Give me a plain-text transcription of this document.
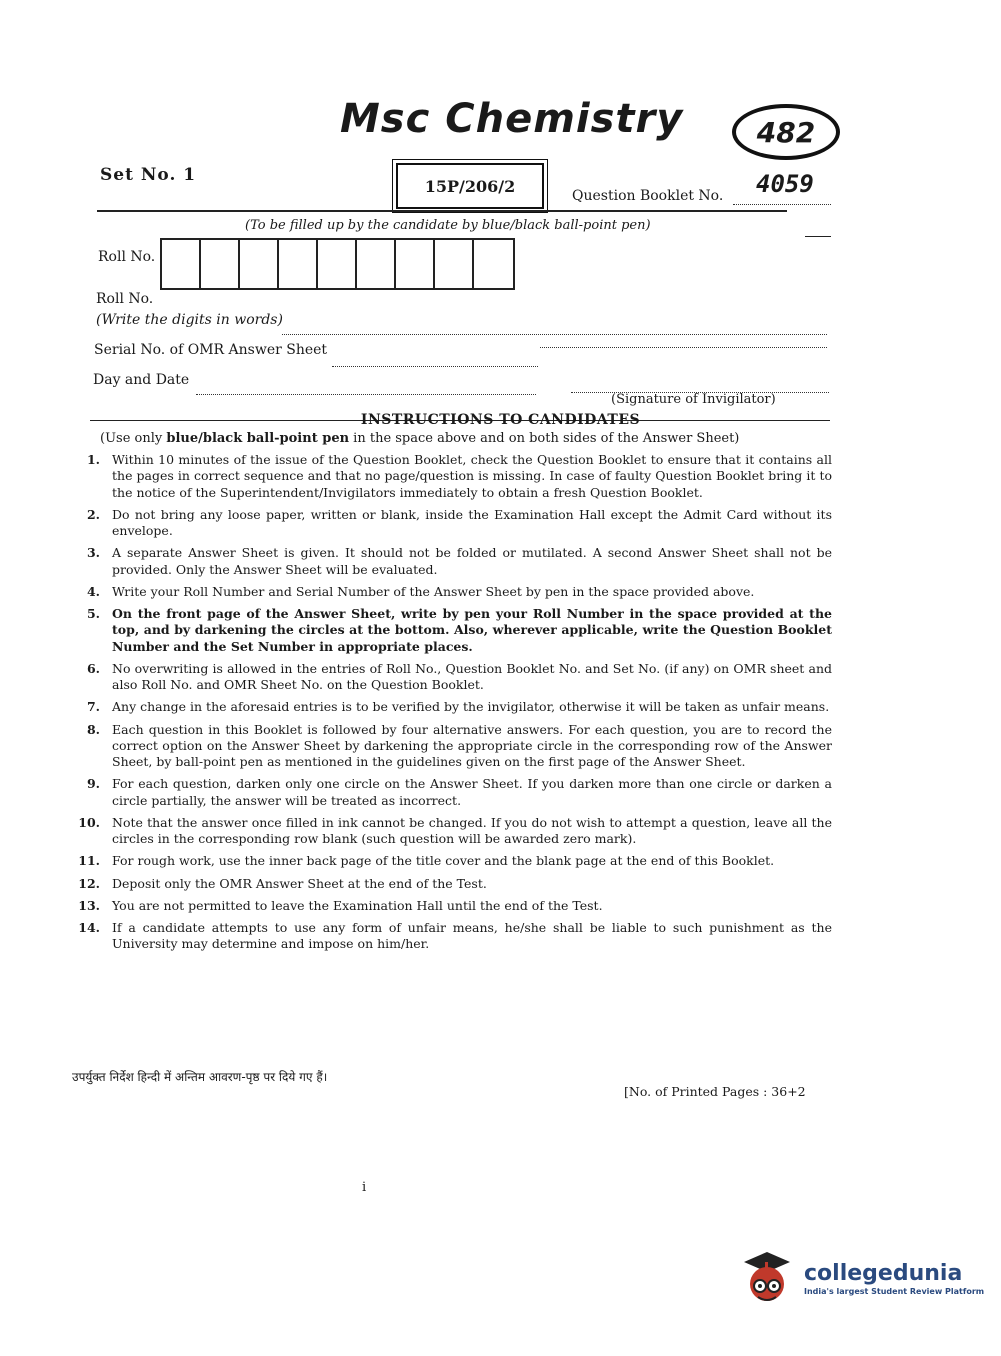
Msc Chemistry	482
Set No. 1
15P/206/2
Question Booklet No. 4059
(To be filled up by the candidate by blue/black ball-point pen)
Roll No.
Roll No.
(Write the digits in words)
Serial No. of OMR Answer Sheet
Day and Date
(Signature of Invigilator)
INSTRUCTIONS TO CANDIDATES
(Use only blue/black ball-point pen in the space above and on both sides of the Answer Sheet)
1. Within 10 minutes of the issue of the Question Booklet, check the Question Booklet to ensure that it contains all the pages in correct sequence and that no page/question is missing. In case of faulty Question Booklet bring it to the notice of the Superintendent/Invigilators immediately to obtain a fresh Question Booklet.
2. Do not bring any loose paper, written or blank, inside the Examination Hall except the Admit Card without its envelope.
3. A separate Answer Sheet is given. It should not be folded or mutilated. A second Answer Sheet shall not be provided. Only the Answer Sheet will be evaluated.
4. Write your Roll Number and Serial Number of the Answer Sheet by pen in the space provided above.
5. On the front page of the Answer Sheet, write by pen your Roll Number in the space provided at the top, and by darkening the circles at the bottom. Also, wherever applicable, write the Question Booklet Number and the Set Number in appropriate places.
6. No overwriting is allowed in the entries of Roll No., Question Booklet No. and Set No. (if any) on OMR sheet and also Roll No. and OMR Sheet No. on the Question Booklet.
7. Any change in the aforesaid entries is to be verified by the invigilator, otherwise it will be taken as unfair means.
8. Each question in this Booklet is followed by four alternative answers. For each question, you are to record the correct option on the Answer Sheet by darkening the appropriate circle in the corresponding row of the Answer Sheet, by ball-point pen as mentioned in the guidelines given on the first page of the Answer Sheet.
9. For each question, darken only one circle on the Answer Sheet. If you darken more than one circle or darken a circle partially, the answer will be treated as incorrect.
10. Note that the answer once filled in ink cannot be changed. If you do not wish to attempt a question, leave all the circles in the corresponding row blank (such question will be awarded zero mark).
11. For rough work, use the inner back page of the title cover and the blank page at the end of this Booklet.
12. Deposit only the OMR Answer Sheet at the end of the Test.
13. You are not permitted to leave the Examination Hall until the end of the Test.
14. If a candidate attempts to use any form of unfair means, he/she shall be liable to such punishment as the University may determine and impose on him/her.
उपर्युक्त निर्देश हिन्दी में अन्तिम आवरण-पृष्ठ पर दिये गए हैं।
[No. of Printed Pages : 36+2
i
collegedunia
India's largest Student Review Platform
